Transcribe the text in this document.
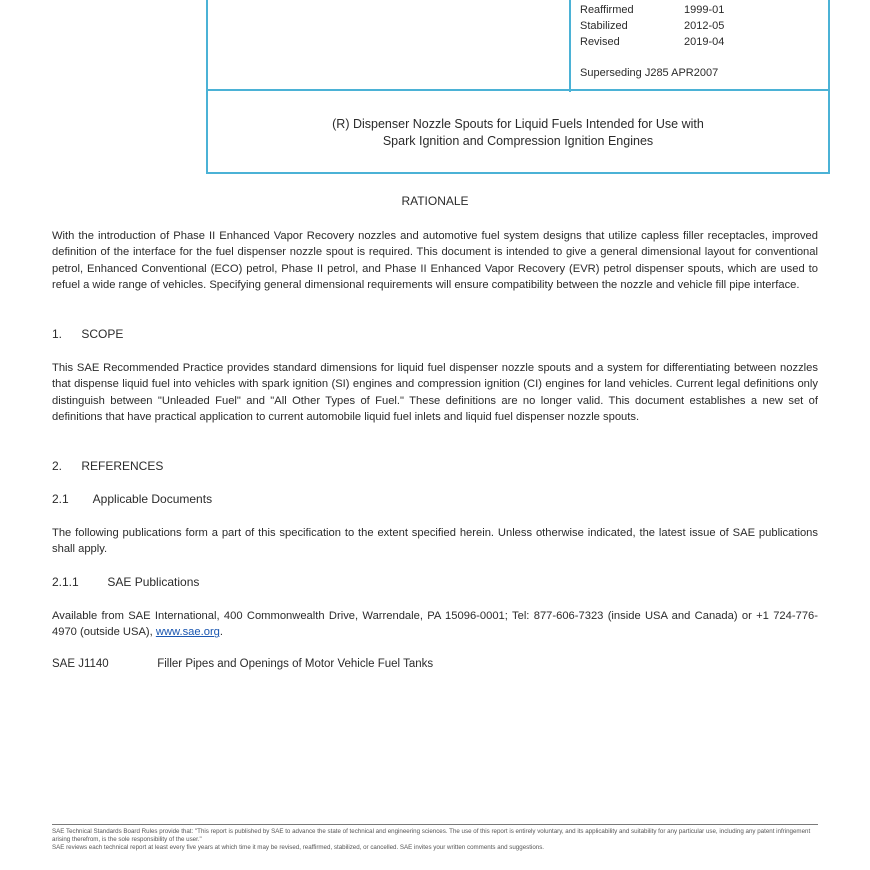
Reaffirmed	1999-01
Stabilized	2012-05
Revised	2019-04
Superseding J285 APR2007
(R) Dispenser Nozzle Spouts for Liquid Fuels Intended for Use with
Spark Ignition and Compression Ignition Engines
RATIONALE
With the introduction of Phase II Enhanced Vapor Recovery nozzles and automotive fuel system designs that utilize capless filler receptacles, improved definition of the interface for the fuel dispenser nozzle spout is required. This document is intended to give a general dimensional layout for conventional petrol, Enhanced Conventional (ECO) petrol, Phase II petrol, and Phase II Enhanced Vapor Recovery (EVR) petrol dispenser spouts, which are used to refuel a wide range of vehicles. Specifying general dimensional requirements will ensure compatibility between the nozzle and vehicle fill pipe interface.
1. SCOPE
This SAE Recommended Practice provides standard dimensions for liquid fuel dispenser nozzle spouts and a system for differentiating between nozzles that dispense liquid fuel into vehicles with spark ignition (SI) engines and compression ignition (CI) engines for land vehicles. Current legal definitions only distinguish between "Unleaded Fuel" and "All Other Types of Fuel." These definitions are no longer valid. This document establishes a new set of definitions that have practical application to current automobile liquid fuel inlets and liquid fuel dispenser nozzle spouts.
2. REFERENCES
2.1 Applicable Documents
The following publications form a part of this specification to the extent specified herein. Unless otherwise indicated, the latest issue of SAE publications shall apply.
2.1.1 SAE Publications
Available from SAE International, 400 Commonwealth Drive, Warrendale, PA 15096-0001; Tel: 877-606-7323 (inside USA and Canada) or +1 724-776-4970 (outside USA), www.sae.org.
SAE J1140	Filler Pipes and Openings of Motor Vehicle Fuel Tanks
SAE Technical Standards Board Rules provide that: "This report is published by SAE to advance the state of technical and engineering sciences. The use of this report is entirely voluntary, and its applicability and suitability for any particular use, including any patent infringement arising therefrom, is the sole responsibility of the user."
SAE reviews each technical report at least every five years at which time it may be revised, reaffirmed, stabilized, or cancelled. SAE invites your written comments and suggestions.
